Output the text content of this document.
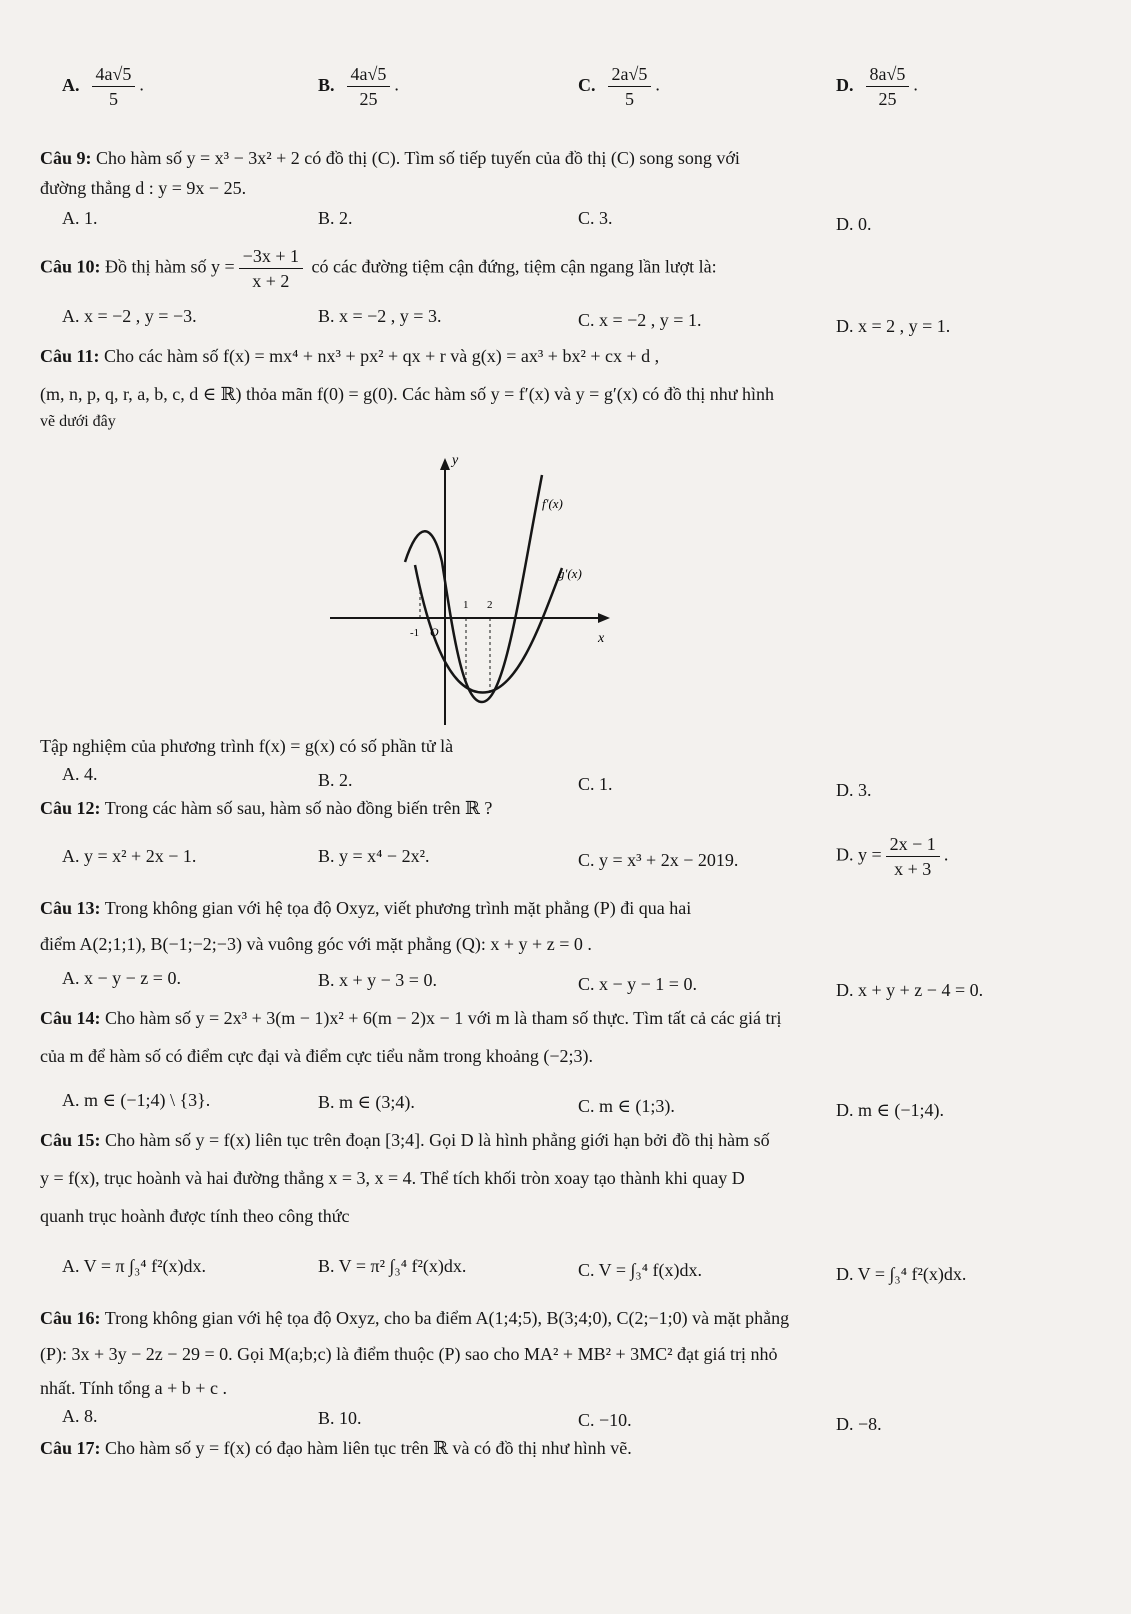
A. $\frac{4a√5}{5}$ .	B. $\frac{4a√5}{25}$ .	C. $\frac{2a√5}{5}$ .	D. $\frac{8a√5}{25}$ .
Câu 9: Cho hàm số y = x³ − 3x² + 2 có đồ thị (C). Tìm số tiếp tuyến của đồ thị (C) song song với
đường thẳng d : y = 9x − 25.
A. 1.	B. 2.	C. 3.	D. 0.
Câu 10: Đồ thị hàm số $y = \frac{-3x + 1}{x + 2}$ có các đường tiệm cận đứng, tiệm cận ngang lần lượt là:
A. x = −2 , y = −3.	B. x = −2 , y = 3.	C. x = −2 , y = 1.	D. x = 2 , y = 1.
Câu 11: Cho các hàm số f(x) = mx⁴ + nx³ + px² + qx + r và g(x) = ax³ + bx² + cx + d ,
(m, n, p, q, r, a, b, c, d ∈ ℝ) thỏa mãn f(0) = g(0). Các hàm số y = f′(x) và y = g′(x) có đồ thị như hình
vẽ dưới đây
y
x
O
-1
1 2
f′(x)
g′(x)
Tập nghiệm của phương trình f(x) = g(x) có số phần tử là
A. 4.	B. 2.	C. 1.	D. 3.
Câu 12: Trong các hàm số sau, hàm số nào đồng biến trên ℝ ?
A. y = x² + 2x − 1.	B. y = x⁴ − 2x².	C. y = x³ + 2x − 2019.	D. $y = \frac{2x - 1}{x + 3}$ .
Câu 13: Trong không gian với hệ tọa độ Oxyz, viết phương trình mặt phẳng (P) đi qua hai
điểm A(2;1;1), B(−1;−2;−3) và vuông góc với mặt phẳng (Q): x + y + z = 0 .
A. x − y − z = 0.	B. x + y − 3 = 0.	C. x − y − 1 = 0.	D. x + y + z − 4 = 0.
Câu 14: Cho hàm số y = 2x³ + 3(m − 1)x² + 6(m − 2)x − 1 với m là tham số thực. Tìm tất cả các giá trị
của m để hàm số có điểm cực đại và điểm cực tiểu nằm trong khoảng (−2;3).
A. m ∈ (−1;4) \ {3}.	B. m ∈ (3;4).	C. m ∈ (1;3).	D. m ∈ (−1;4).
Câu 15: Cho hàm số y = f(x) liên tục trên đoạn [3;4]. Gọi D là hình phẳng giới hạn bởi đồ thị hàm số
y = f(x), trục hoành và hai đường thẳng x = 3, x = 4. Thể tích khối tròn xoay tạo thành khi quay D
quanh trục hoành được tính theo công thức
A. V = π ∫₃⁴ f²(x)dx.	B. V = π² ∫₃⁴ f²(x)dx.	C. V = ∫₃⁴ f(x)dx.	D. V = ∫₃⁴ f²(x)dx.
Câu 16: Trong không gian với hệ tọa độ Oxyz, cho ba điểm A(1;4;5), B(3;4;0), C(2;−1;0) và mặt phẳng
(P): 3x + 3y − 2z − 29 = 0. Gọi M(a;b;c) là điểm thuộc (P) sao cho MA² + MB² + 3MC² đạt giá trị nhỏ
nhất. Tính tổng a + b + c .
A. 8.	B. 10.	C. −10.	D. −8.
Câu 17: Cho hàm số y = f(x) có đạo hàm liên tục trên ℝ và có đồ thị như hình vẽ.
